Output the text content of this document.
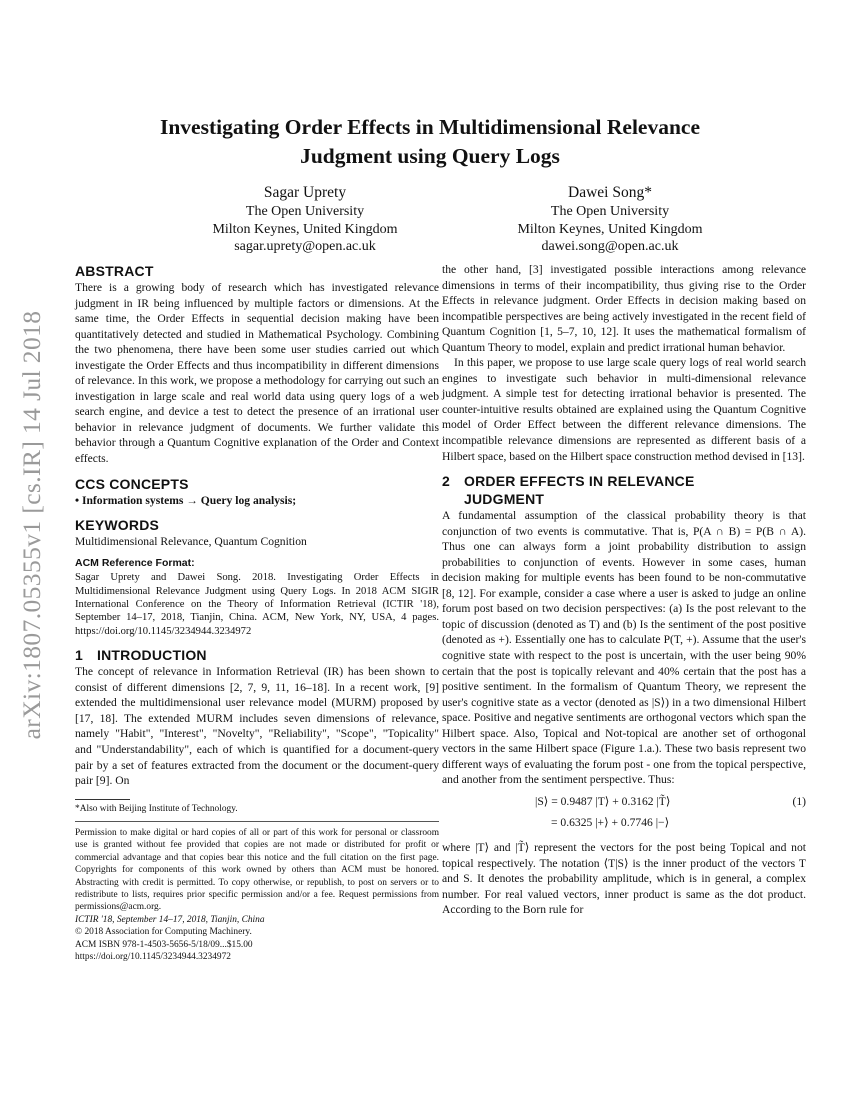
arXiv:1807.05355v1 [cs.IR] 14 Jul 2018
Investigating Order Effects in Multidimensional Relevance
Judgment using Query Logs
Sagar Uprety
The Open University
Milton Keynes, United Kingdom
sagar.uprety@open.ac.uk
Dawei Song*
The Open University
Milton Keynes, United Kingdom
dawei.song@open.ac.uk
ABSTRACT

There is a growing body of research which has investigated relevance judgment in IR being influenced by multiple factors or dimensions. At the same time, the Order Effects in sequential decision making have been quantitatively detected and studied in Mathematical Psychology. Combining the two phenomena, there have been some user studies carried out which investigate the Order Effects and thus incompatibility in different dimensions of relevance. In this work, we propose a methodology for carrying out such an investigation in large scale and real world data using query logs of a web search engine, and device a test to detect the presence of an irrational user behavior in relevance judgment of documents. We further validate this behavior through a Quantum Cognitive explanation of the Order and Context effects.

CCS CONCEPTS

• Information systems → Query log analysis;

KEYWORDS

Multidimensional Relevance, Quantum Cognition

ACM Reference Format:

Sagar Uprety and Dawei Song. 2018. Investigating Order Effects in Multidimensional Relevance Judgment using Query Logs. In 2018 ACM SIGIR International Conference on the Theory of Information Retrieval (ICTIR '18), September 14–17, 2018, Tianjin, China. ACM, New York, NY, USA, 4 pages. https://doi.org/10.1145/3234944.3234972

1 INTRODUCTION

The concept of relevance in Information Retrieval (IR) has been shown to consist of different dimensions [2, 7, 9, 11, 16–18]. In a recent work, [9] extended the multidimensional user relevance model (MURM) proposed by [17, 18]. The extended MURM includes seven dimensions of relevance, namely "Habit", "Interest", "Novelty", "Reliability", "Scope", "Topicality" and "Understandability", each of which is quantified for a document-query pair by a set of features extracted from the document or the document-query pair [9]. On

*Also with Beijing Institute of Technology.

Permission to make digital or hard copies of all or part of this work for personal or classroom use is granted without fee provided that copies are not made or distributed for profit or commercial advantage and that copies bear this notice and the full citation on the first page. Copyrights for components of this work owned by others than ACM must be honored. Abstracting with credit is permitted. To copy otherwise, or republish, to post on servers or to redistribute to lists, requires prior specific permission and/or a fee. Request permissions from permissions@acm.org.

ICTIR '18, September 14–17, 2018, Tianjin, China

© 2018 Association for Computing Machinery.

ACM ISBN 978-1-4503-5656-5/18/09...$15.00

https://doi.org/10.1145/3234944.3234972

the other hand, [3] investigated possible interactions among relevance dimensions in terms of their incompatibility, thus giving rise to the Order Effects in relevance judgment. Order Effects in decision making based on incompatible perspectives are being actively investigated in the recent field of Quantum Cognition [1, 5–7, 10, 12]. It uses the mathematical formalism of Quantum Theory to model, explain and predict irrational human behavior.

In this paper, we propose to use large scale query logs of real world search engines to investigate such behavior in multi-dimensional relevance judgment. A simple test for detecting irrational behavior is presented. The counter-intuitive results obtained are explained using the Quantum Cognitive model of Order Effect between the different relevance dimensions. The incompatible relevance dimensions are represented as different basis of a Hilbert space, based on the Hilbert space construction method devised in [13].

2 ORDER EFFECTS IN RELEVANCE
JUDGMENT

A fundamental assumption of the classical probability theory is that conjunction of two events is commutative. That is, P(A ∩ B) = P(B ∩ A). Thus one can always form a joint probability distribution to assign probabilities to conjunction of events. However in some cases, human decision making for multiple events has been found to be non-commutative [8, 12]. For example, consider a case where a user is asked to judge an online forum post based on two decision perspectives: (a) Is the post relevant to the topic of discussion (denoted as T) and (b) Is the sentiment of the post positive (denoted as +). Essentially one has to calculate P(T, +). Assume that the user's cognitive state with respect to the post is uncertain, with the user being 90% certain that the post is topically relevant and 40% certain that the post has a positive sentiment. In the formalism of Quantum Theory, we represent the user's cognitive state as a vector (denoted as |S⟩) in a two dimensional Hilbert space. Positive and negative sentiments are orthogonal vectors which span the Hilbert space. Also, Topical and Not-topical are another set of orthogonal vectors in the same Hilbert space (Figure 1.a.). These two basis represent two different ways of evaluating the forum post - one from the topical perspective, and another from the sentiment perspective. Thus:

|S⟩ = 0.9487 |T⟩ + 0.3162 |T̃⟩
= 0.6325 |+⟩ + 0.7746 |−⟩
(1)

where |T⟩ and |T̃⟩ represent the vectors for the post being Topical and not topical respectively. The notation ⟨T|S⟩ is the inner product of the vectors T and S. It denotes the probability amplitude, which is in general, a complex number. For real valued vectors, inner product is same as the dot product. According to the Born rule for
